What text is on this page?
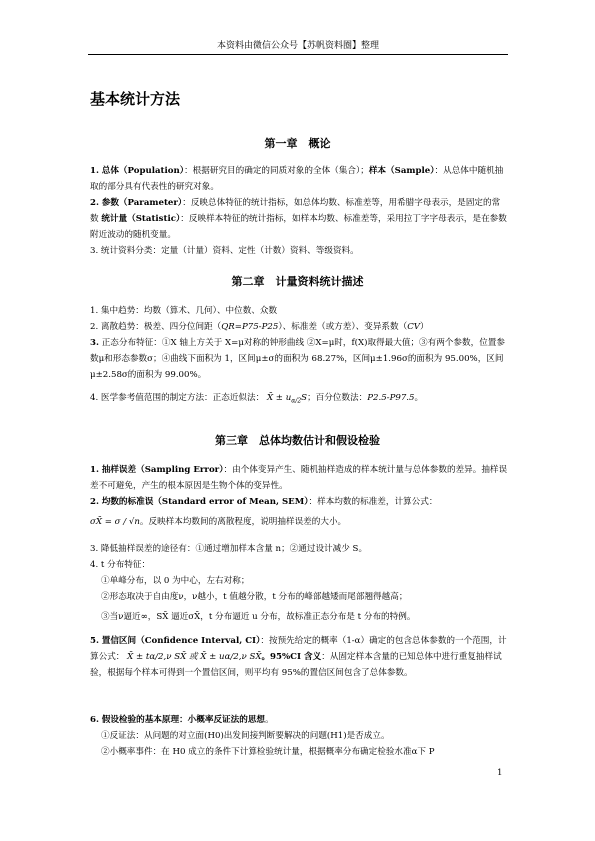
本资料由微信公众号【苏帆资料圈】整理
基本统计方法
第一章　概论

1. 总体（Population）：根据研究目的确定的同质对象的全体（集合）；样本（Sample）：从总体中随机抽取的部分具有代表性的研究对象。

2. 参数（Parameter）：反映总体特征的统计指标，如总体均数、标准差等，用希腊字母表示，是固定的常数 统计量（Statistic）：反映样本特征的统计指标，如样本均数、标准差等，采用拉丁字字母表示，是在参数附近波动的随机变量。

3. 统计资料分类：定量（计量）资料、定性（计数）资料、等级资料。

第二章　计量资料统计描述

1. 集中趋势：均数（算术、几何）、中位数、众数

2. 离散趋势：极差、四分位间距（QR=P75-P25）、标准差（或方差）、变异系数（CV）

3. 正态分布特征：①X 轴上方关于 X=μ对称的钟形曲线 ②X=μ时，f(X)取得最大值；③有两个参数，位置参数μ和形态参数σ；④曲线下面积为 1，区间μ±σ的面积为 68.27%，区间μ±1.96σ的面积为 95.00%，区间μ±2.58σ的面积为 99.00%。

4. 医学参考值范围的制定方法：正态近似法： X̄ ± $u_{\alpha/2}S$；百分位数法：P2.5-P97.5。

第三章　总体均数估计和假设检验

1. 抽样误差（Sampling Error）：由个体变异产生、随机抽样造成的样本统计量与总体参数的差异。抽样误差不可避免，产生的根本原因是生物个体的变异性。

2. 均数的标准误（Standard error of Mean, SEM）：样本均数的标准差，计算公式：

σX̄ = σ / √n。反映样本均数间的离散程度，说明抽样误差的大小。

3. 降低抽样误差的途径有：①通过增加样本含量 n；②通过设计减少 S。

4. t 分布特征：

①单峰分布，以 0 为中心，左右对称；

②形态取决于自由度ν，ν越小，t 值越分散，t 分布的峰部越矮而尾部翘得越高；

③当ν逼近∞，SX̄ 逼近σX̄，t 分布逼近 u 分布，故标准正态分布是 t 分布的特例。

5. 置信区间（Confidence Interval, CI）：按预先给定的概率（1-α）确定的包含总体参数的一个范围，计算公式： X̄ ± tα/2,ν SX̄ 或 X̄ ± uα/2,ν SX̄。95%CI 含义：从固定样本含量的已知总体中进行重复抽样试验，根据每个样本可得到一个置信区间，则平均有 95%的置信区间包含了总体参数。

6. 假设检验的基本原理：小概率反证法的思想。

①反证法：从问题的对立面(H0)出发间接判断要解决的问题(H1)是否成立。

②小概率事件：在 H0 成立的条件下计算检验统计量，根据概率分布确定检验水准α下 P

1
